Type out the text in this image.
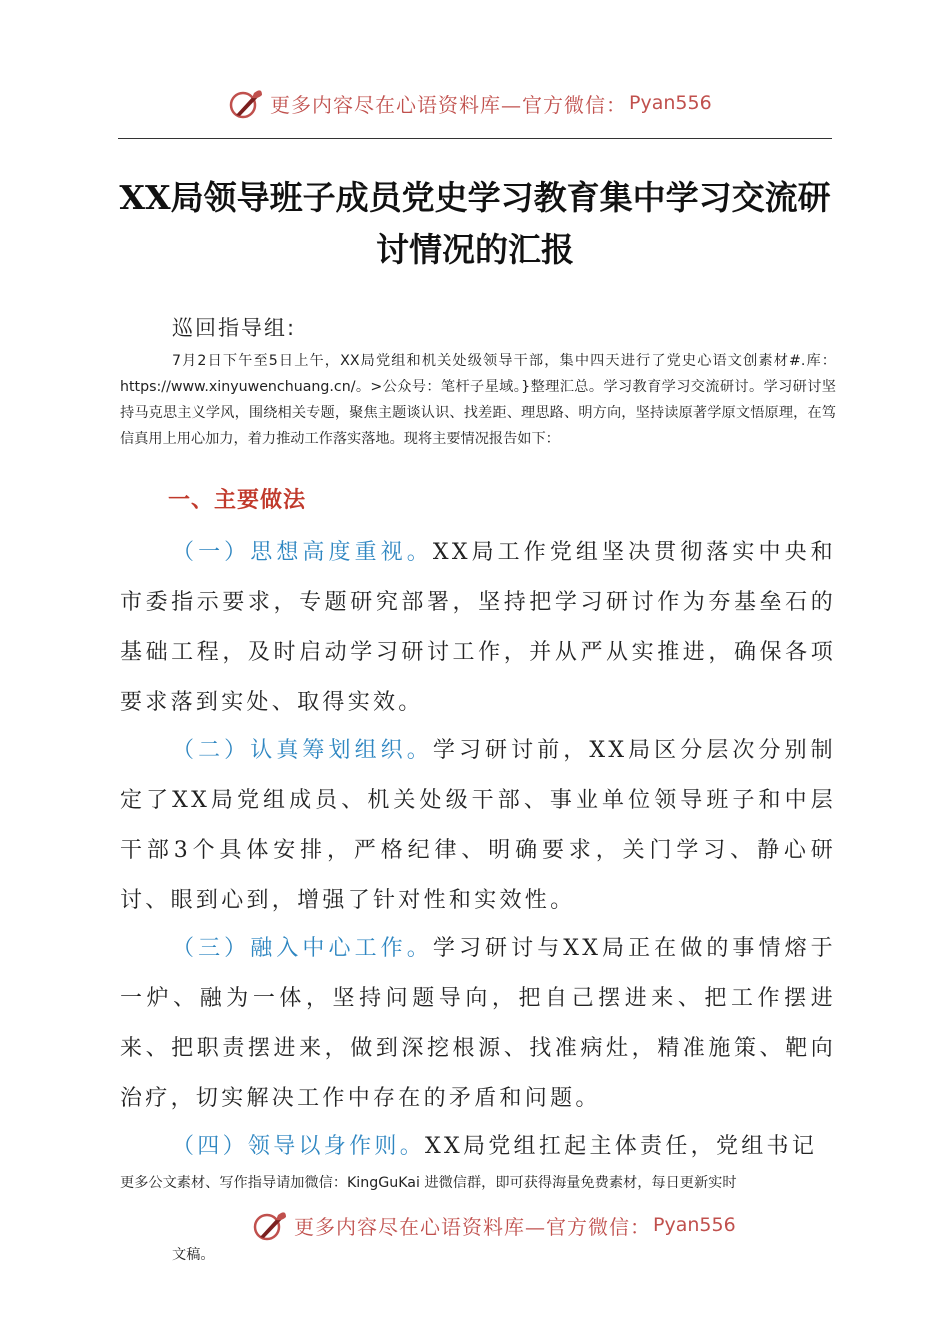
更多内容尽在心语资料库—官方微信： Pyan556
XX局领导班子成员党史学习教育集中学习交流研讨情况的汇报
巡回指导组:
7月2日下午至5日上午，XX局党组和机关处级领导干部，集中四天进行了党史心语文创素材#.库：https://www.xinyuwenchuang.cn/。>公众号：笔杆子星域。}整理汇总。学习教育学习交流研讨。学习研讨坚持马克思主义学风，围绕相关专题，聚焦主题谈认识、找差距、理思路、明方向，坚持读原著学原文悟原理，在笃信真用上用心加力，着力推动工作落实落地。现将主要情况报告如下：
一、主要做法
（一）思想高度重视。XX局工作党组坚决贯彻落实中央和市委指示要求，专题研究部署，坚持把学习研讨作为夯基垒石的基础工程，及时启动学习研讨工作，并从严从实推进，确保各项要求落到实处、取得实效。
（二）认真筹划组织。学习研讨前，XX局区分层次分别制定了XX局党组成员、机关处级干部、事业单位领导班子和中层干部3个具体安排，严格纪律、明确要求，关门学习、静心研讨、眼到心到，增强了针对性和实效性。
（三）融入中心工作。学习研讨与XX局正在做的事情熔于一炉、融为一体，坚持问题导向，把自己摆进来、把工作摆进来、把职责摆进来，做到深挖根源、找准病灶，精准施策、靶向治疗，切实解决工作中存在的矛盾和问题。
（四）领导以身作则。XX局党组扛起主体责任，党组书记
更多公文素材、写作指导请加微信：KingGuKai 进微信群，即可获得海量免费素材，每日更新实时
更多内容尽在心语资料库—官方微信： Pyan556
文稿。
